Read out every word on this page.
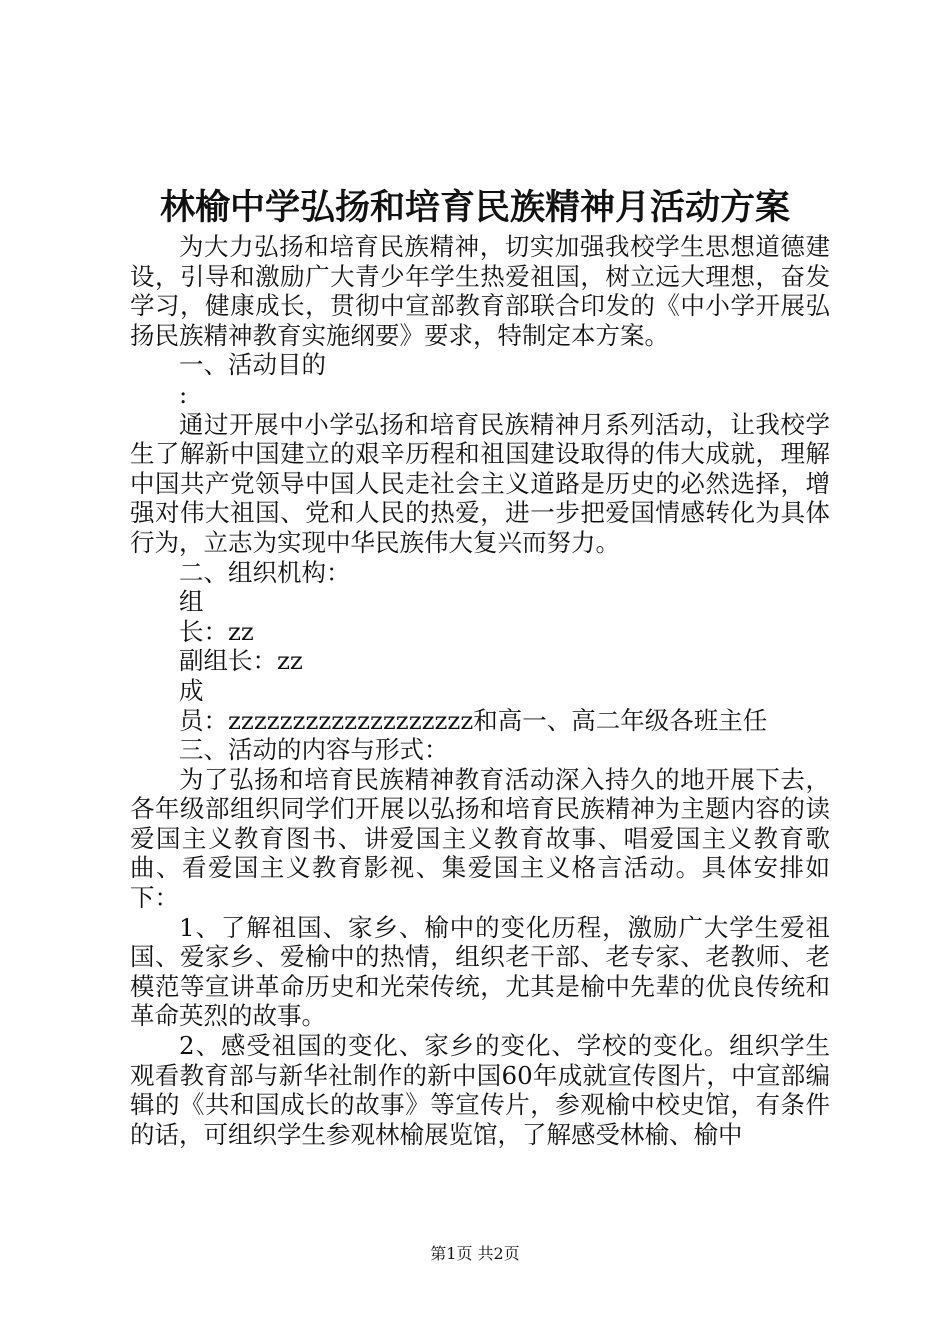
林榆中学弘扬和培育民族精神月活动方案

为大力弘扬和培育民族精神，切实加强我校学生思想道德建设，引导和激励广大青少年学生热爱祖国，树立远大理想，奋发学习，健康成长，贯彻中宣部教育部联合印发的《中小学开展弘扬民族精神教育实施纲要》要求，特制定本方案。

一、活动目的

:

通过开展中小学弘扬和培育民族精神月系列活动，让我校学生了解新中国建立的艰辛历程和祖国建设取得的伟大成就，理解中国共产党领导中国人民走社会主义道路是历史的必然选择，增强对伟大祖国、党和人民的热爱，进一步把爱国情感转化为具体行为，立志为实现中华民族伟大复兴而努力。

二、组织机构：

组

长：zz

副组长：zz

成

员：zzzzzzzzzzzzzzzzzzz和高一、高二年级各班主任

三、活动的内容与形式：

为了弘扬和培育民族精神教育活动深入持久的地开展下去，各年级部组织同学们开展以弘扬和培育民族精神为主题内容的读爱国主义教育图书、讲爱国主义教育故事、唱爱国主义教育歌曲、看爱国主义教育影视、集爱国主义格言活动。具体安排如下：

1、了解祖国、家乡、榆中的变化历程，激励广大学生爱祖国、爱家乡、爱榆中的热情，组织老干部、老专家、老教师、老模范等宣讲革命历史和光荣传统，尤其是榆中先辈的优良传统和革命英烈的故事。

2、感受祖国的变化、家乡的变化、学校的变化。组织学生观看教育部与新华社制作的新中国60年成就宣传图片，中宣部编辑的《共和国成长的故事》等宣传片，参观榆中校史馆，有条件的话，可组织学生参观林榆展览馆，了解感受林榆、榆中

第1页 共2页
